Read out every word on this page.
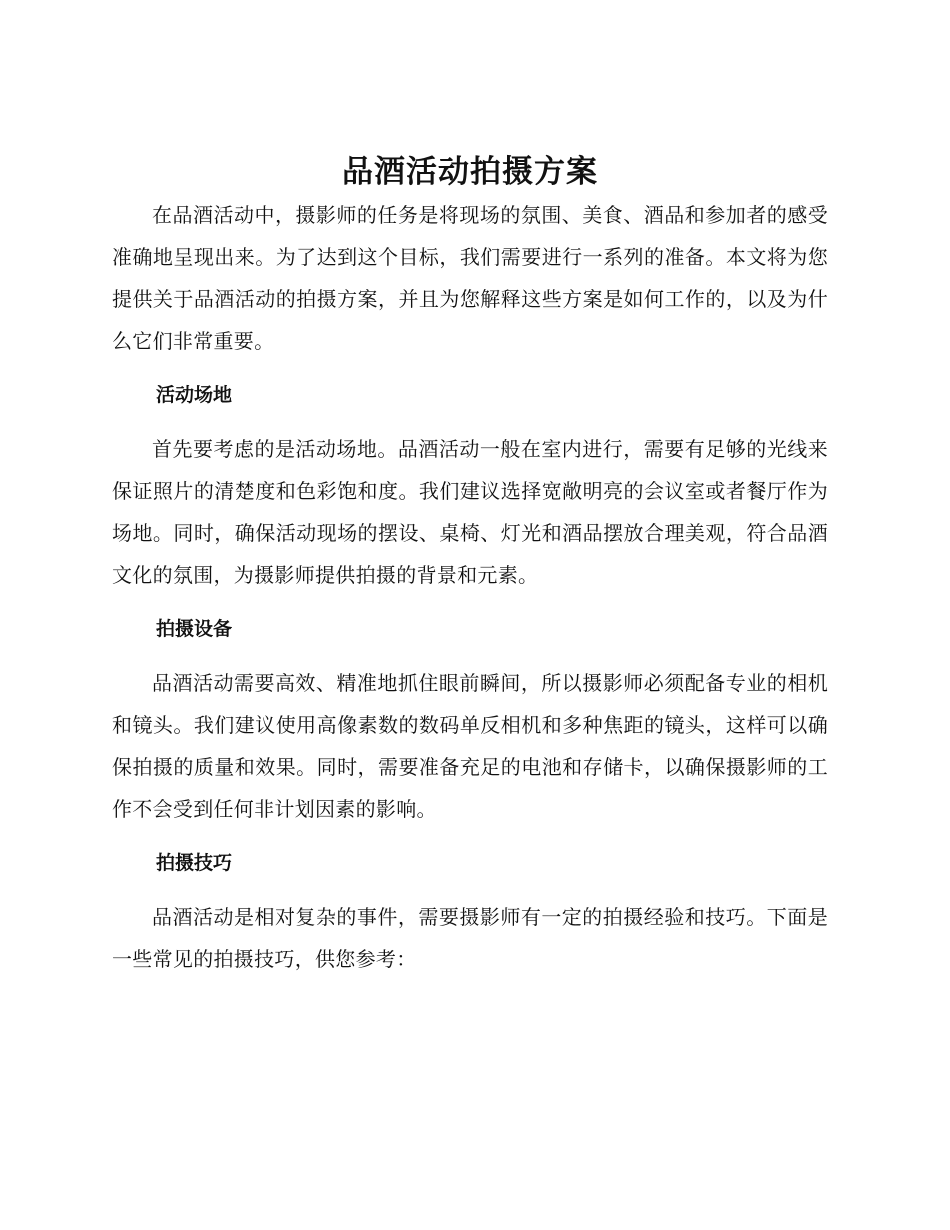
品酒活动拍摄方案

在品酒活动中，摄影师的任务是将现场的氛围、美食、酒品和参加者的感受准确地呈现出来。为了达到这个目标，我们需要进行一系列的准备。本文将为您提供关于品酒活动的拍摄方案，并且为您解释这些方案是如何工作的，以及为什么它们非常重要。

活动场地

首先要考虑的是活动场地。品酒活动一般在室内进行，需要有足够的光线来保证照片的清楚度和色彩饱和度。我们建议选择宽敞明亮的会议室或者餐厅作为场地。同时，确保活动现场的摆设、桌椅、灯光和酒品摆放合理美观，符合品酒文化的氛围，为摄影师提供拍摄的背景和元素。

拍摄设备

品酒活动需要高效、精准地抓住眼前瞬间，所以摄影师必须配备专业的相机和镜头。我们建议使用高像素数的数码单反相机和多种焦距的镜头，这样可以确保拍摄的质量和效果。同时，需要准备充足的电池和存储卡，以确保摄影师的工作不会受到任何非计划因素的影响。

拍摄技巧

品酒活动是相对复杂的事件，需要摄影师有一定的拍摄经验和技巧。下面是一些常见的拍摄技巧，供您参考：
